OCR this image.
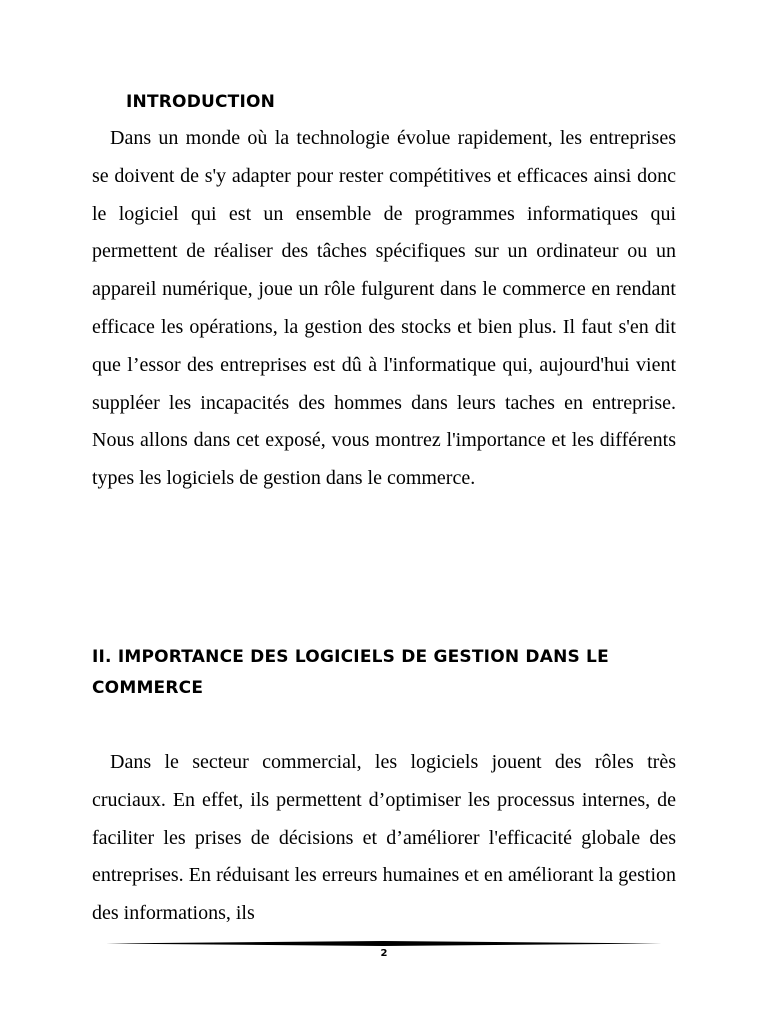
INTRODUCTION

Dans un monde où la technologie évolue rapidement, les entreprises se doivent de s'y adapter pour rester compétitives et efficaces ainsi donc le logiciel qui est un ensemble de programmes informatiques qui permettent de réaliser des tâches spécifiques sur un ordinateur ou un appareil numérique, joue un rôle fulgurent dans le commerce en rendant efficace les opérations, la gestion des stocks et bien plus. Il faut s'en dit que l’essor des entreprises est dû à l'informatique qui, aujourd'hui vient suppléer les incapacités des hommes dans leurs taches en entreprise. Nous allons dans cet exposé, vous montrez l'importance et les différents types les logiciels de gestion dans le commerce.

II. IMPORTANCE DES LOGICIELS DE GESTION DANS LE COMMERCE

Dans le secteur commercial, les logiciels jouent des rôles très cruciaux. En effet, ils permettent d’optimiser les processus internes, de faciliter les prises de décisions et d’améliorer l'efficacité globale des entreprises. En réduisant les erreurs humaines et en améliorant la gestion des informations, ils

2
